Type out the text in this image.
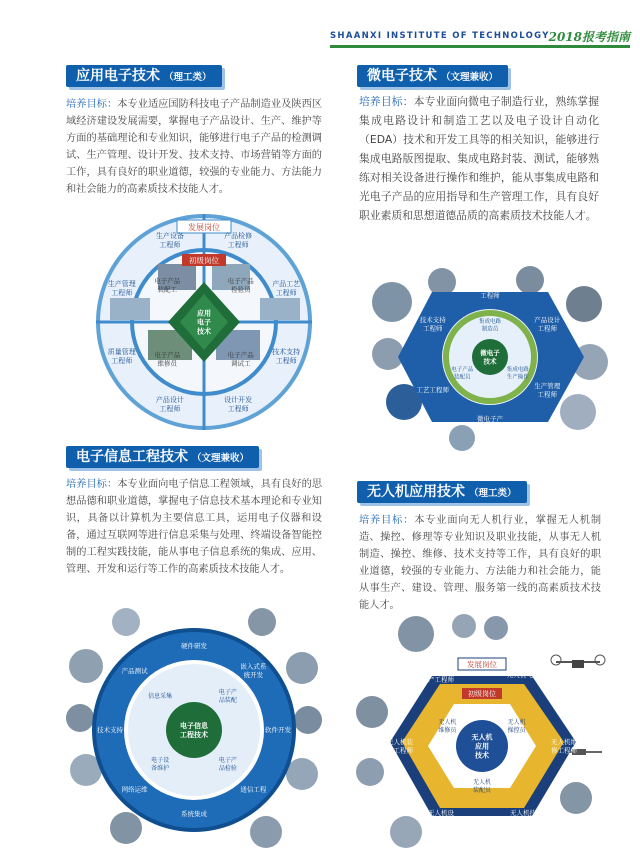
SHAANXI INSTITUTE OF TECHNOLOGY
2018报考指南
应用电子技术 （理工类）
培养目标：本专业适应国防科技电子产品制造业及陕西区域经济建设发展需要，掌握电子产品设计、生产、维护等方面的基础理论和专业知识，能够进行电子产品的检测调试、生产管理、设计开发、技术支持、市场营销等方面的工作，具有良好的职业道德，较强的专业能力、方法能力和社会能力的高素质技术技能人才。
发展岗位
初级岗位
应用
电子
技术
产品检修
工程师
产品工艺
工程师
技术支持
工程师
设计开发
工程师
产品设计
工程师
质量管理
工程师
生产管理
工程师
生产设备
工程师
电子产品
装配工
电子产品
检验员
电子产品
调试工
电子产品
维修员
微电子技术 （文理兼收）
培养目标：本专业面向微电子制造行业，熟练掌握集成电路设计和制造工艺以及电子设计自动化（EDA）技术和开发工具等的相关知识，能够进行集成电路版图提取、集成电路封装、测试，能够熟练对相关设备进行操作和维护，能从事集成电路和光电子产品的应用指导和生产管理工作，具有良好职业素质和思想道德品质的高素质技术技能人才。
微电子
技术
产品测试
工程师
产品设计
工程师
生产管理
工程师
微电子产
品工程师
工艺工程师
技术支持
工程师
集成电路
制造员
集成电路
生产操作
电子产品
装配员
电子信息工程技术 （文理兼收）
培养目标：本专业面向电子信息工程领域，具有良好的思想品德和职业道德，掌握电子信息技术基本理论和专业知识，具备以计算机为主要信息工具，运用电子仪器和设备，通过互联网等进行信息采集与处理、终端设备智能控制的工程实践技能，能从事电子信息系统的集成、应用、管理、开发和运行等工作的高素质技术技能人才。
电子信息
工程技术
硬件研发
嵌入式系
统开发
软件开发
通信工程
系统集成
网络运维
技术支持
产品测试
电子产
品装配
电子产
品检验
电子设
备维护
信息采集
无人机应用技术 （理工类）
培养目标：本专业面向无人机行业，掌握无人机制造、操控、修理等专业知识及职业技能，从事无人机制造、操控、维修、技术支持等工作，具有良好的职业道德，较强的专业能力、方法能力和社会能力，能从事生产、建设、管理、服务第一线的高素质技术技能人才。
发展岗位
初级岗位
无人机
应用
技术
无人机飞手
无人机维
修工程师
无人机技
术支持
无人机设
计工程师
无人机装
调工程师
无人机生
产工程师
无人机
操控员
无人机
装配员
无人机
维修员
